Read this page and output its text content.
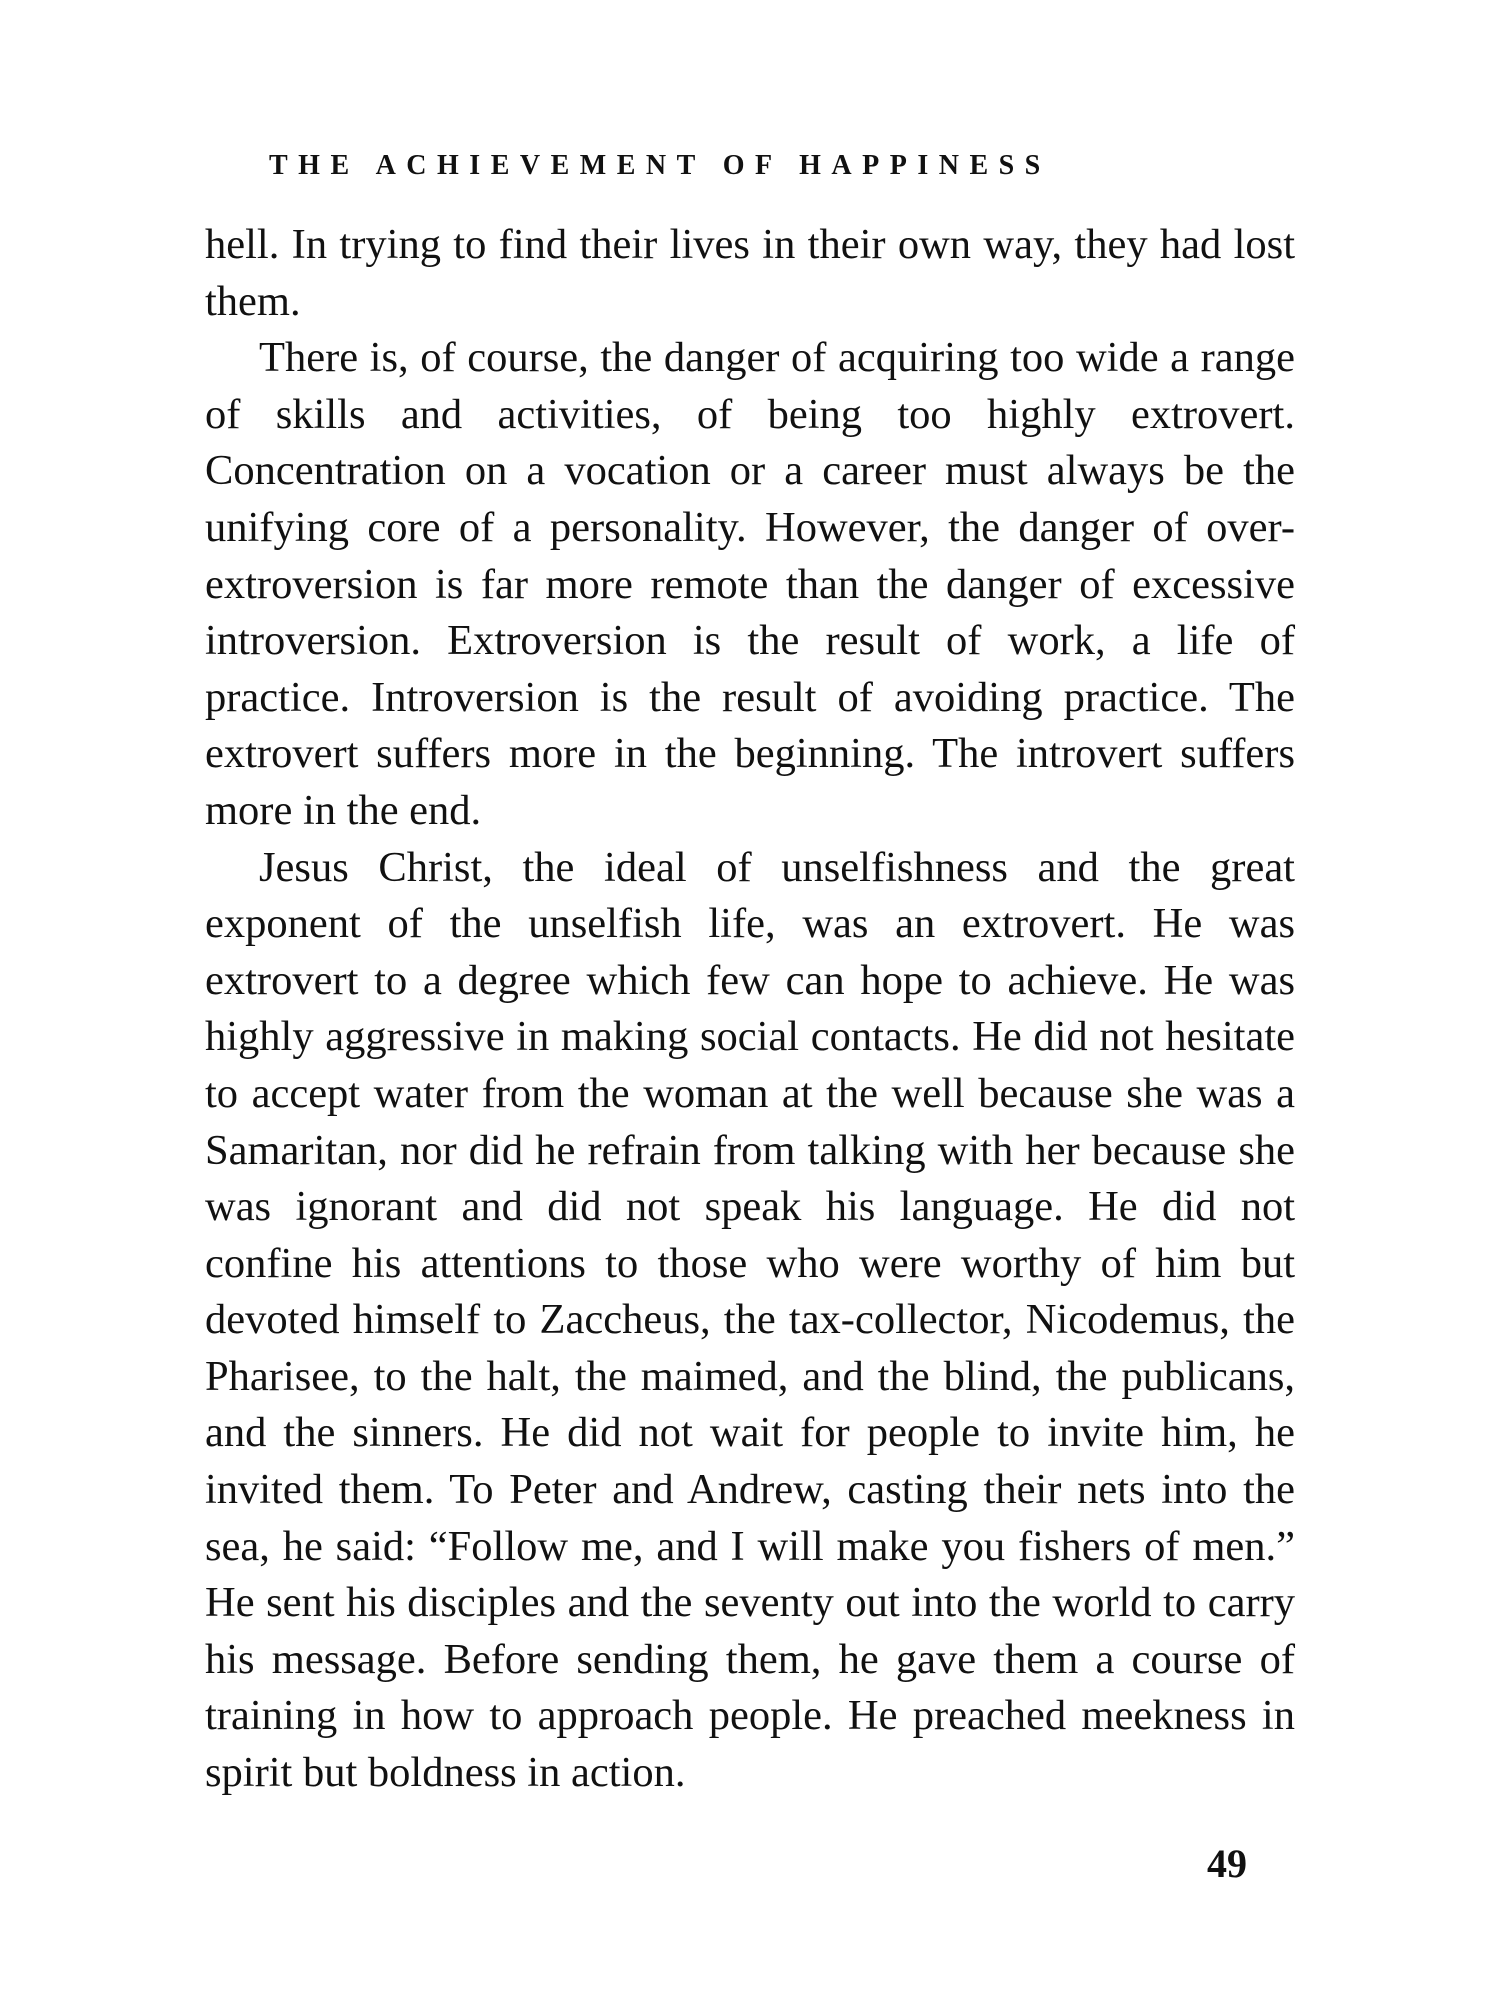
THE ACHIEVEMENT OF HAPPINESS

hell. In trying to find their lives in their own way, they had lost them.

There is, of course, the danger of acquiring too wide a range of skills and activities, of being too highly extrovert. Concentration on a vocation or a career must always be the unifying core of a personality. However, the danger of over-extroversion is far more remote than the danger of excessive introversion. Extroversion is the result of work, a life of practice. Introversion is the result of avoiding practice. The extrovert suffers more in the beginning. The introvert suffers more in the end.

Jesus Christ, the ideal of unselfishness and the great exponent of the unselfish life, was an extrovert. He was extrovert to a degree which few can hope to achieve. He was highly aggressive in making social contacts. He did not hesitate to accept water from the woman at the well because she was a Samaritan, nor did he refrain from talking with her because she was ignorant and did not speak his language. He did not confine his attentions to those who were worthy of him but devoted himself to Zaccheus, the tax-collector, Nicodemus, the Pharisee, to the halt, the maimed, and the blind, the publicans, and the sinners. He did not wait for people to invite him, he invited them. To Peter and Andrew, casting their nets into the sea, he said: “Follow me, and I will make you fishers of men.” He sent his disciples and the seventy out into the world to carry his message. Before sending them, he gave them a course of training in how to approach people. He preached meekness in spirit but boldness in action.

49
